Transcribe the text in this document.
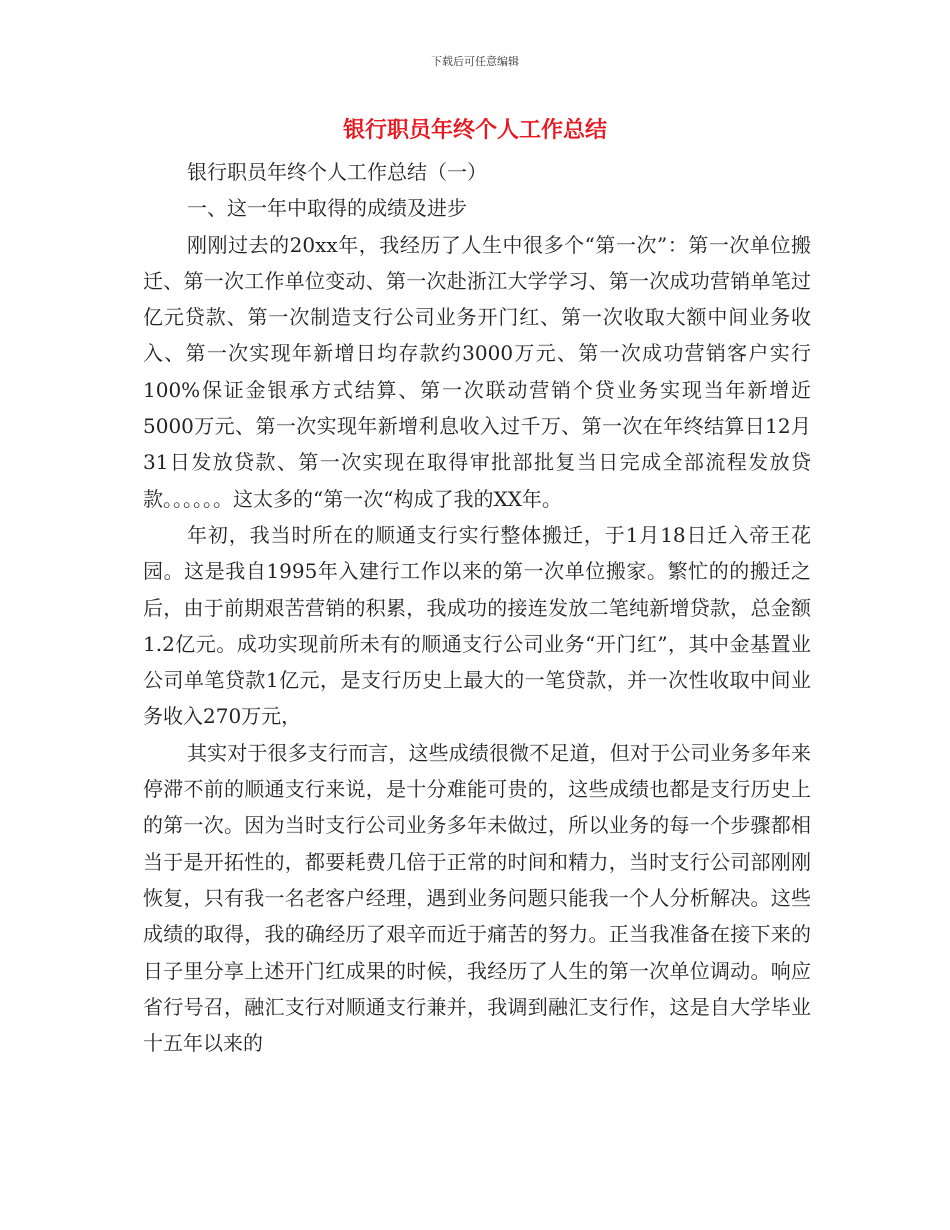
下载后可任意编辑
银行职员年终个人工作总结

银行职员年终个人工作总结（一）

一、这一年中取得的成绩及进步

刚刚过去的20xx年，我经历了人生中很多个“第一次”：第一次单位搬迁、第一次工作单位变动、第一次赴浙江大学学习、第一次成功营销单笔过亿元贷款、第一次制造支行公司业务开门红、第一次收取大额中间业务收入、第一次实现年新增日均存款约3000万元、第一次成功营销客户实行100%保证金银承方式结算、第一次联动营销个贷业务实现当年新增近5000万元、第一次实现年新增利息收入过千万、第一次在年终结算日12月31日发放贷款、第一次实现在取得审批部批复当日完成全部流程发放贷款。。。。。。这太多的“第一次“构成了我的XX年。

年初，我当时所在的顺通支行实行整体搬迁，于1月18日迁入帝王花园。这是我自1995年入建行工作以来的第一次单位搬家。繁忙的的搬迁之后，由于前期艰苦营销的积累，我成功的接连发放二笔纯新增贷款，总金额1.2亿元。成功实现前所未有的顺通支行公司业务“开门红”，其中金基置业公司单笔贷款1亿元，是支行历史上最大的一笔贷款，并一次性收取中间业务收入270万元，

其实对于很多支行而言，这些成绩很微不足道，但对于公司业务多年来停滞不前的顺通支行来说，是十分难能可贵的，这些成绩也都是支行历史上的第一次。因为当时支行公司业务多年未做过，所以业务的每一个步骤都相当于是开拓性的，都要耗费几倍于正常的时间和精力，当时支行公司部刚刚恢复，只有我一名老客户经理，遇到业务问题只能我一个人分析解决。这些成绩的取得，我的确经历了艰辛而近于痛苦的努力。正当我准备在接下来的日子里分享上述开门红成果的时候，我经历了人生的第一次单位调动。响应省行号召，融汇支行对顺通支行兼并，我调到融汇支行作，这是自大学毕业十五年以来的
